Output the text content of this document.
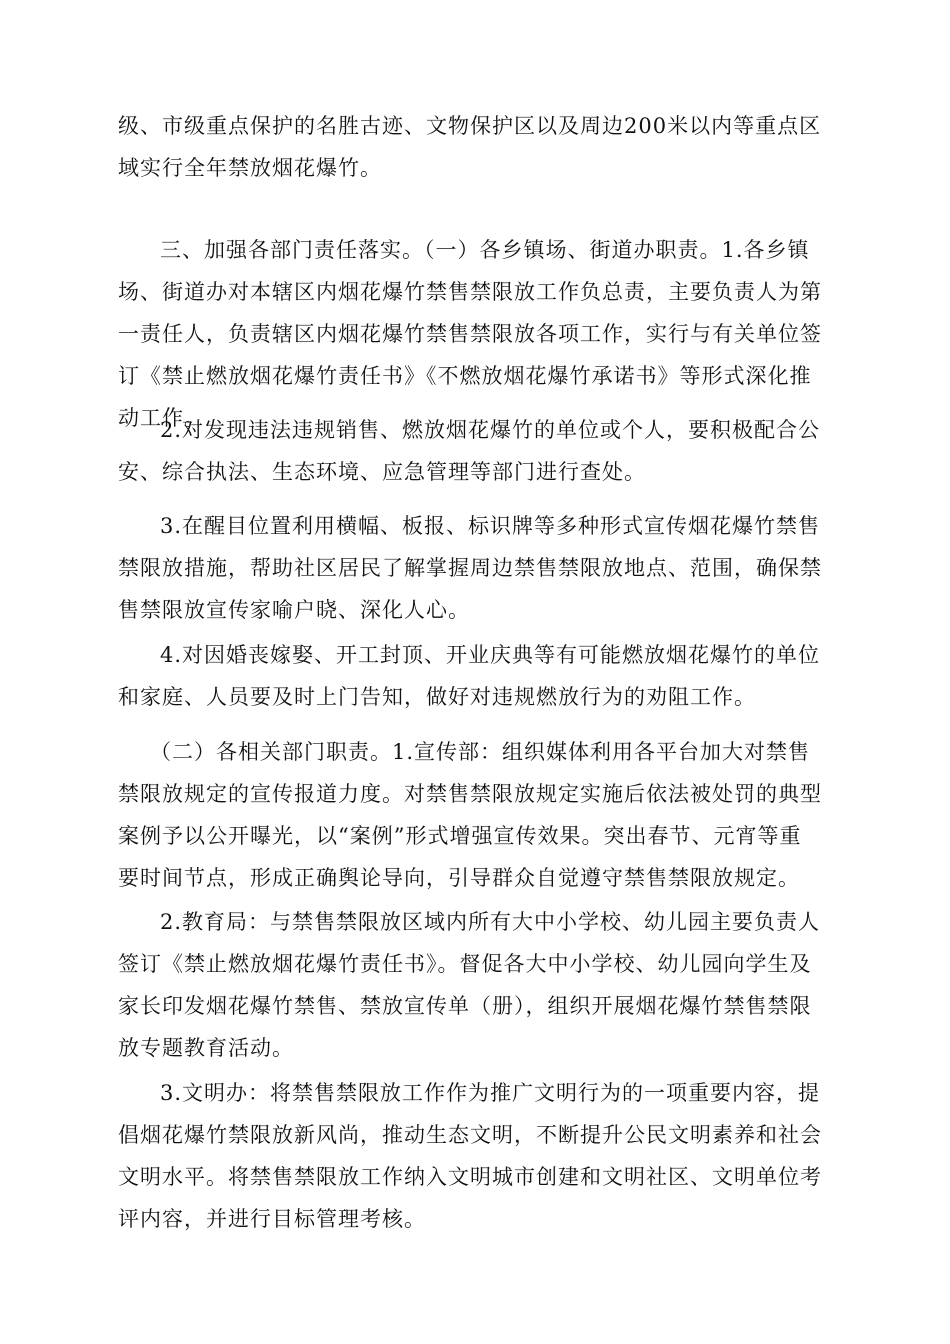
级、市级重点保护的名胜古迹、文物保护区以及周边200米以内等重点区
域实行全年禁放烟花爆竹。

三、加强各部门责任落实。（一）各乡镇场、街道办职责。1.各乡镇
场、街道办对本辖区内烟花爆竹禁售禁限放工作负总责，主要负责人为第
一责任人，负责辖区内烟花爆竹禁售禁限放各项工作，实行与有关单位签
订《禁止燃放烟花爆竹责任书》《不燃放烟花爆竹承诺书》等形式深化推
动工作。

2.对发现违法违规销售、燃放烟花爆竹的单位或个人，要积极配合公
安、综合执法、生态环境、应急管理等部门进行查处。

3.在醒目位置利用横幅、板报、标识牌等多种形式宣传烟花爆竹禁售
禁限放措施，帮助社区居民了解掌握周边禁售禁限放地点、范围，确保禁
售禁限放宣传家喻户晓、深化人心。

4.对因婚丧嫁娶、开工封顶、开业庆典等有可能燃放烟花爆竹的单位
和家庭、人员要及时上门告知，做好对违规燃放行为的劝阻工作。

（二）各相关部门职责。1.宣传部：组织媒体利用各平台加大对禁售
禁限放规定的宣传报道力度。对禁售禁限放规定实施后依法被处罚的典型
案例予以公开曝光，以“案例”形式增强宣传效果。突出春节、元宵等重
要时间节点，形成正确舆论导向，引导群众自觉遵守禁售禁限放规定。

2.教育局：与禁售禁限放区域内所有大中小学校、幼儿园主要负责人
签订《禁止燃放烟花爆竹责任书》。督促各大中小学校、幼儿园向学生及
家长印发烟花爆竹禁售、禁放宣传单（册），组织开展烟花爆竹禁售禁限
放专题教育活动。

3.文明办：将禁售禁限放工作作为推广文明行为的一项重要内容，提
倡烟花爆竹禁限放新风尚，推动生态文明，不断提升公民文明素养和社会
文明水平。将禁售禁限放工作纳入文明城市创建和文明社区、文明单位考
评内容，并进行目标管理考核。
